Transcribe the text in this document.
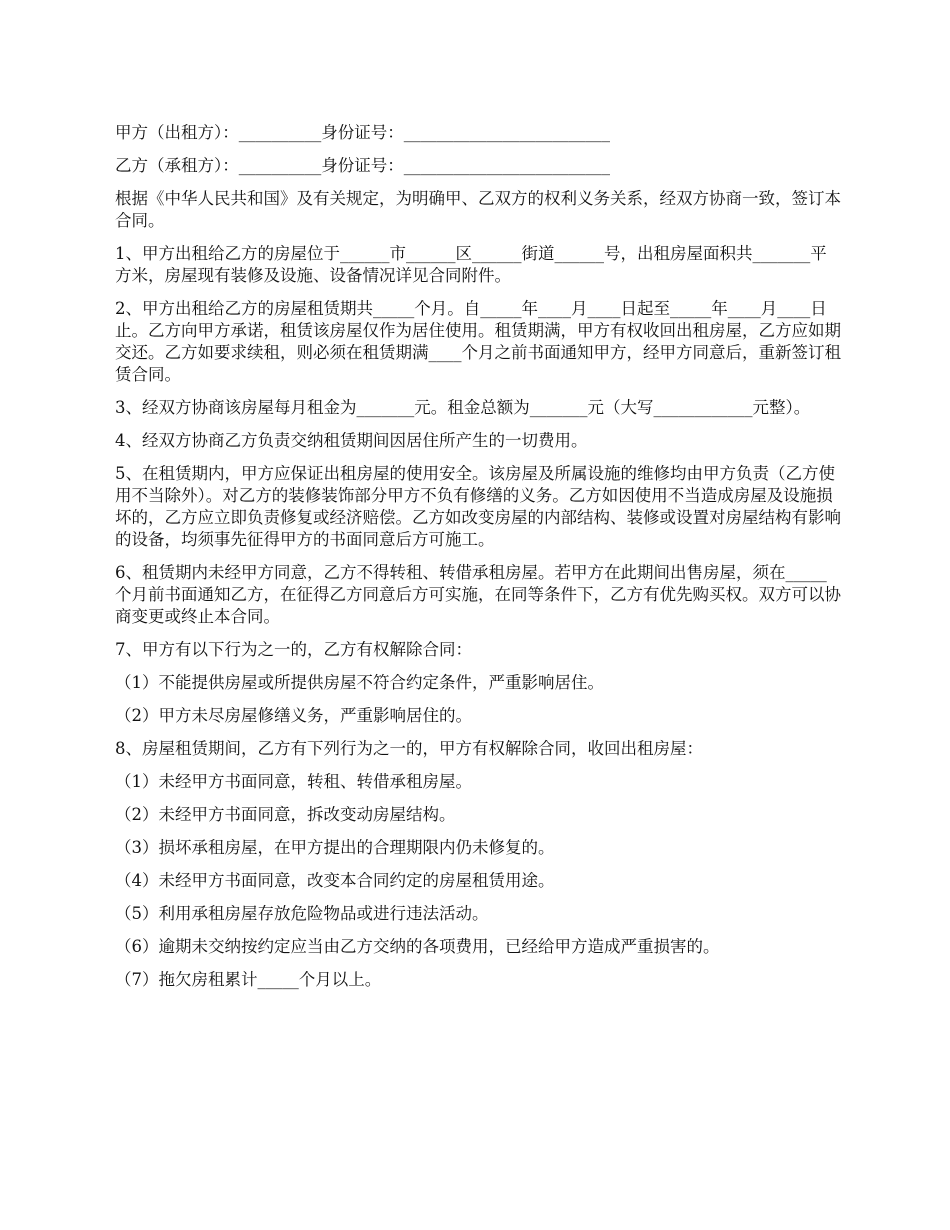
甲方（出租方）：__________身份证号：_________________________

乙方（承租方）：__________身份证号：_________________________

根据《中华人民共和国》及有关规定，为明确甲、乙双方的权利义务关系，经双方协商一致，签订本合同。

1、甲方出租给乙方的房屋位于______市______区______街道______号，出租房屋面积共_______平方米，房屋现有装修及设施、设备情况详见合同附件。

2、甲方出租给乙方的房屋租赁期共_____个月。自_____年____月____日起至_____年____月____日止。乙方向甲方承诺，租赁该房屋仅作为居住使用。租赁期满，甲方有权收回出租房屋，乙方应如期交还。乙方如要求续租，则必须在租赁期满____个月之前书面通知甲方，经甲方同意后，重新签订租赁合同。

3、经双方协商该房屋每月租金为_______元。租金总额为_______元（大写____________元整）。

4、经双方协商乙方负责交纳租赁期间因居住所产生的一切费用。

5、在租赁期内，甲方应保证出租房屋的使用安全。该房屋及所属设施的维修均由甲方负责（乙方使用不当除外）。对乙方的装修装饰部分甲方不负有修缮的义务。乙方如因使用不当造成房屋及设施损坏的，乙方应立即负责修复或经济赔偿。乙方如改变房屋的内部结构、装修或设置对房屋结构有影响的设备，均须事先征得甲方的书面同意后方可施工。

6、租赁期内未经甲方同意，乙方不得转租、转借承租房屋。若甲方在此期间出售房屋，须在_____个月前书面通知乙方，在征得乙方同意后方可实施，在同等条件下，乙方有优先购买权。双方可以协商变更或终止本合同。

7、甲方有以下行为之一的，乙方有权解除合同：

（1）不能提供房屋或所提供房屋不符合约定条件，严重影响居住。

（2）甲方未尽房屋修缮义务，严重影响居住的。

8、房屋租赁期间，乙方有下列行为之一的，甲方有权解除合同，收回出租房屋：

（1）未经甲方书面同意，转租、转借承租房屋。

（2）未经甲方书面同意，拆改变动房屋结构。

（3）损坏承租房屋，在甲方提出的合理期限内仍未修复的。

（4）未经甲方书面同意，改变本合同约定的房屋租赁用途。

（5）利用承租房屋存放危险物品或进行违法活动。

（6）逾期未交纳按约定应当由乙方交纳的各项费用，已经给甲方造成严重损害的。

（7）拖欠房租累计_____个月以上。
